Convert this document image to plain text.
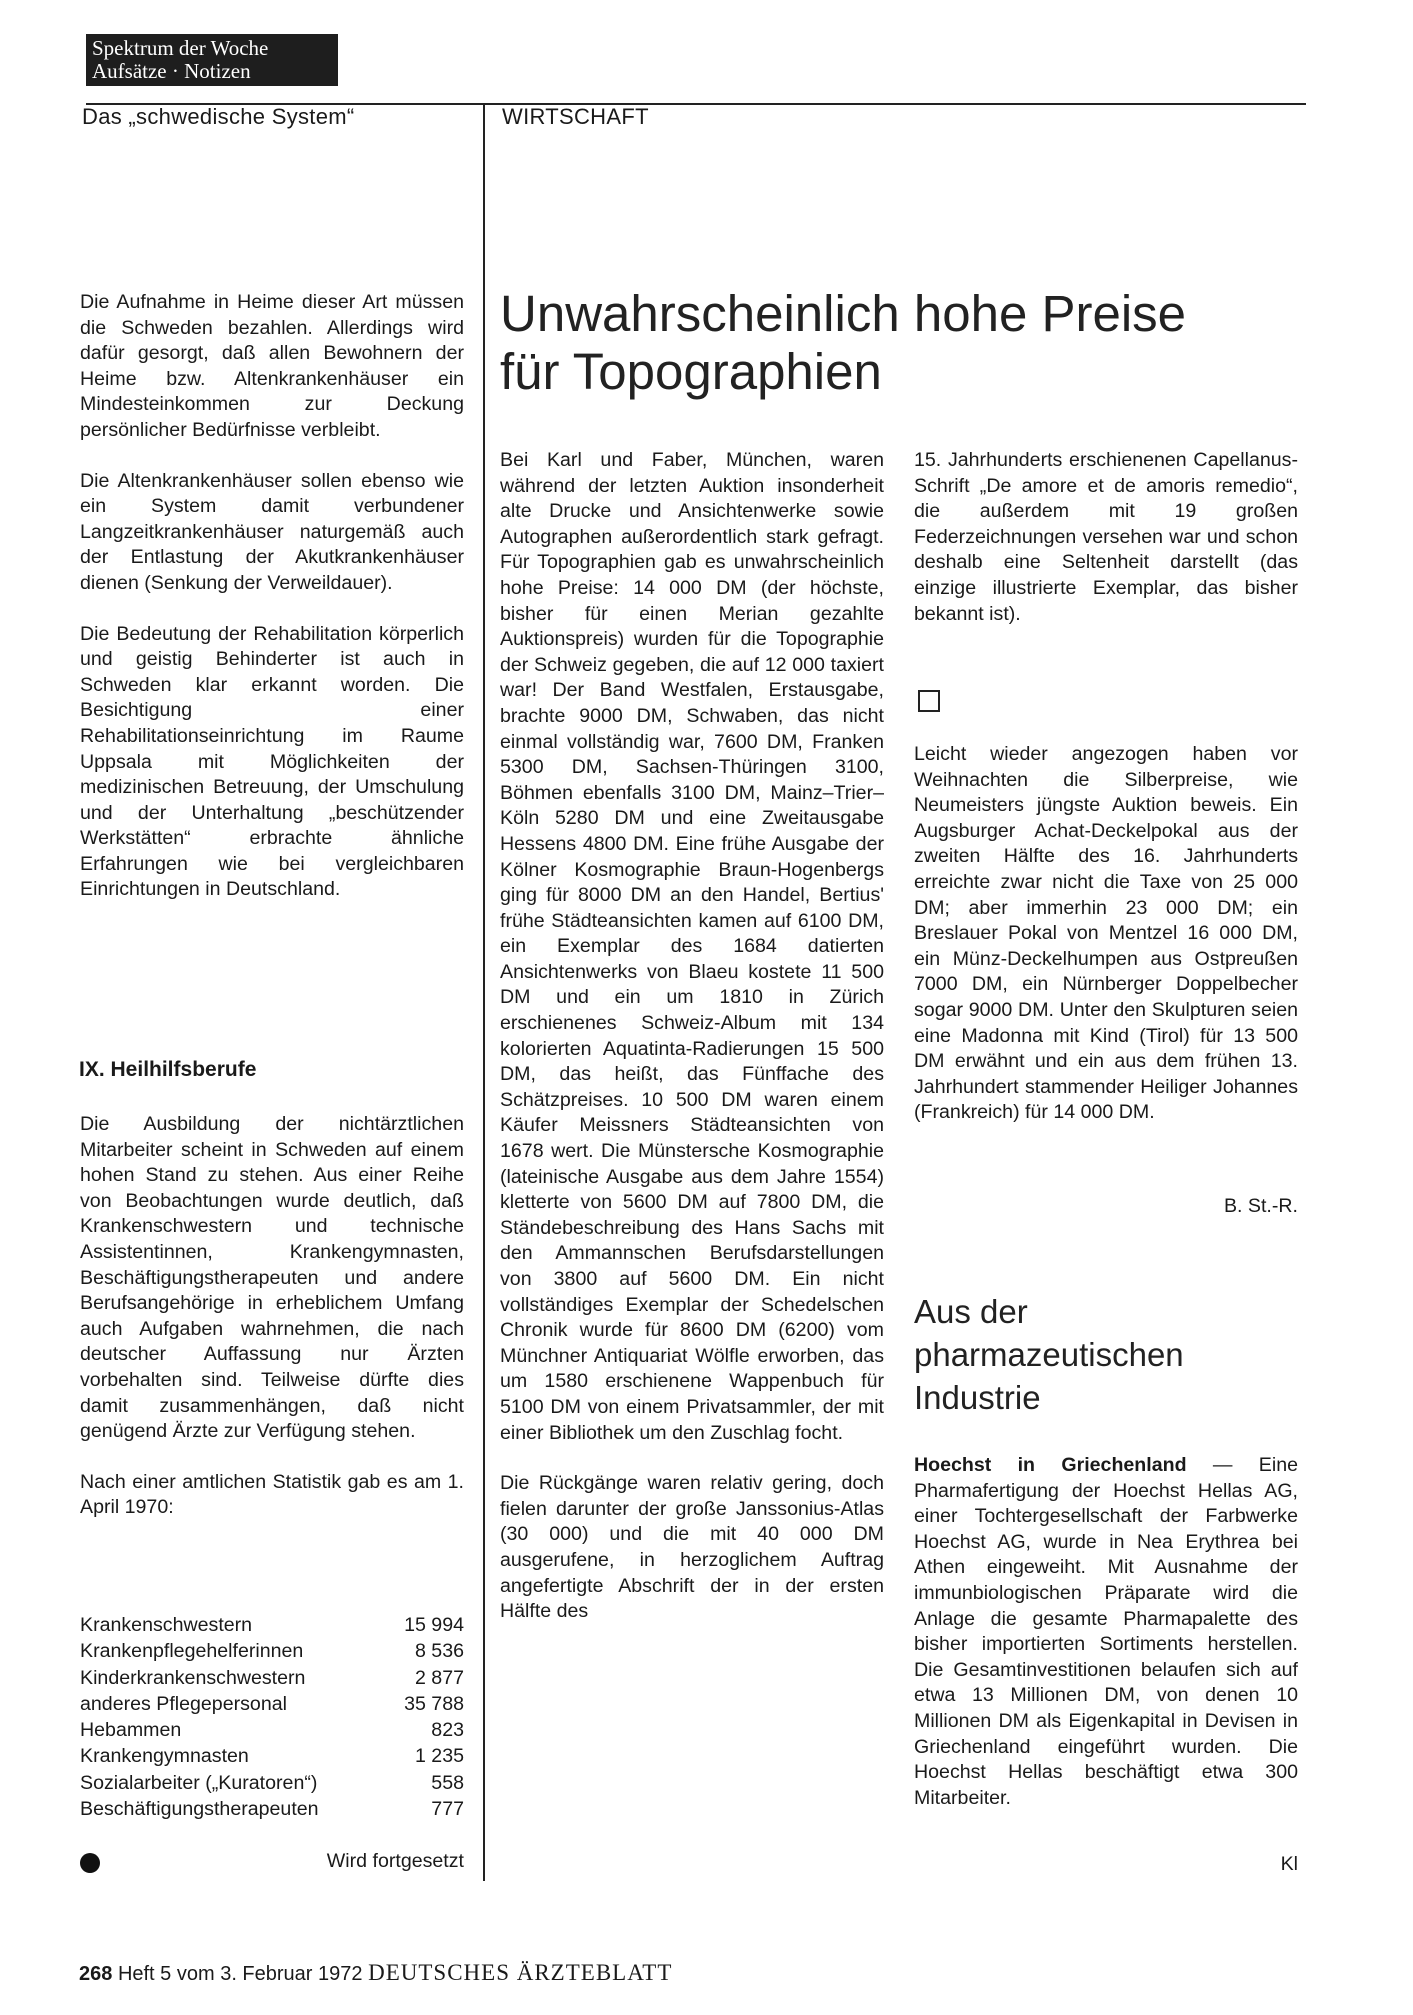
Spektrum der Woche
Aufsätze · Notizen
Das „schwedische System“	WIRTSCHAFT

Die Aufnahme in Heime dieser Art müssen die Schweden bezahlen. Allerdings wird dafür gesorgt, daß allen Bewohnern der Heime bzw. Altenkrankenhäuser ein Mindesteinkommen zur Deckung persönlicher Bedürfnisse verbleibt.

Die Altenkrankenhäuser sollen ebenso wie ein System damit verbundener Langzeitkrankenhäuser naturgemäß auch der Entlastung der Akutkrankenhäuser dienen (Senkung der Verweildauer).

Die Bedeutung der Rehabilitation körperlich und geistig Behinderter ist auch in Schweden klar erkannt worden. Die Besichtigung einer Rehabilitationseinrichtung im Raume Uppsala mit Möglichkeiten der medizinischen Betreuung, der Umschulung und der Unterhaltung „beschützender Werkstätten“ erbrachte ähnliche Erfahrungen wie bei vergleichbaren Einrichtungen in Deutschland.

IX. Heilhilfsberufe

Die Ausbildung der nichtärztlichen Mitarbeiter scheint in Schweden auf einem hohen Stand zu stehen. Aus einer Reihe von Beobachtungen wurde deutlich, daß Krankenschwestern und technische Assistentinnen, Krankengymnasten, Beschäftigungstherapeuten und andere Berufsangehörige in erheblichem Umfang auch Aufgaben wahrnehmen, die nach deutscher Auffassung nur Ärzten vorbehalten sind. Teilweise dürfte dies damit zusammenhängen, daß nicht genügend Ärzte zur Verfügung stehen.

Nach einer amtlichen Statistik gab es am 1. April 1970:

Krankenschwestern	15 994
Krankenpflegehelferinnen	8 536
Kinderkrankenschwestern	2 877
anderes Pflegepersonal	35 788
Hebammen	823
Krankengymnasten	1 235
Sozialarbeiter („Kuratoren“)	558
Beschäftigungstherapeuten	777
Wird fortgesetzt
Unwahrscheinlich hohe Preise
für Topographien

Bei Karl und Faber, München, waren während der letzten Auktion insonderheit alte Drucke und Ansichtenwerke sowie Autographen außerordentlich stark gefragt. Für Topographien gab es unwahrscheinlich hohe Preise: 14 000 DM (der höchste, bisher für einen Merian gezahlte Auktionspreis) wurden für die Topographie der Schweiz gegeben, die auf 12 000 taxiert war! Der Band Westfalen, Erstausgabe, brachte 9000 DM, Schwaben, das nicht einmal vollständig war, 7600 DM, Franken 5300 DM, Sachsen-Thüringen 3100, Böhmen ebenfalls 3100 DM, Mainz–Trier–Köln 5280 DM und eine Zweitausgabe Hessens 4800 DM. Eine frühe Ausgabe der Kölner Kosmographie Braun-Hogenbergs ging für 8000 DM an den Handel, Bertius' frühe Städteansichten kamen auf 6100 DM, ein Exemplar des 1684 datierten Ansichtenwerks von Blaeu kostete 11 500 DM und ein um 1810 in Zürich erschienenes Schweiz-Album mit 134 kolorierten Aquatinta-Radierungen 15 500 DM, das heißt, das Fünffache des Schätzpreises. 10 500 DM waren einem Käufer Meissners Städteansichten von 1678 wert. Die Münstersche Kosmographie (lateinische Ausgabe aus dem Jahre 1554) kletterte von 5600 DM auf 7800 DM, die Ständebeschreibung des Hans Sachs mit den Ammannschen Berufsdarstellungen von 3800 auf 5600 DM. Ein nicht vollständiges Exemplar der Schedelschen Chronik wurde für 8600 DM (6200) vom Münchner Antiquariat Wölfle erworben, das um 1580 erschienene Wappenbuch für 5100 DM von einem Privatsammler, der mit einer Bibliothek um den Zuschlag focht.

Die Rückgänge waren relativ gering, doch fielen darunter der große Janssonius-Atlas (30 000) und die mit 40 000 DM ausgerufene, in herzoglichem Auftrag angefertigte Abschrift der in der ersten Hälfte des

15. Jahrhunderts erschienenen Capellanus-Schrift „De amore et de amoris remedio“, die außerdem mit 19 großen Federzeichnungen versehen war und schon deshalb eine Seltenheit darstellt (das einzige illustrierte Exemplar, das bisher bekannt ist).

Leicht wieder angezogen haben vor Weihnachten die Silberpreise, wie Neumeisters jüngste Auktion beweis. Ein Augsburger Achat-Deckelpokal aus der zweiten Hälfte des 16. Jahrhunderts erreichte zwar nicht die Taxe von 25 000 DM; aber immerhin 23 000 DM; ein Breslauer Pokal von Mentzel 16 000 DM, ein Münz-Deckelhumpen aus Ostpreußen 7000 DM, ein Nürnberger Doppelbecher sogar 9000 DM. Unter den Skulpturen seien eine Madonna mit Kind (Tirol) für 13 500 DM erwähnt und ein aus dem frühen 13. Jahrhundert stammender Heiliger Johannes (Frankreich) für 14 000 DM.

B. St.-R.
Aus der pharmazeutischen Industrie
Hoechst in Griechenland — Eine Pharmafertigung der Hoechst Hellas AG, einer Tochtergesellschaft der Farbwerke Hoechst AG, wurde in Nea Erythrea bei Athen eingeweiht. Mit Ausnahme der immunbiologischen Präparate wird die Anlage die gesamte Pharmapalette des bisher importierten Sortiments herstellen. Die Gesamtinvestitionen belaufen sich auf etwa 13 Millionen DM, von denen 10 Millionen DM als Eigenkapital in Devisen in Griechenland eingeführt wurden. Die Hoechst Hellas beschäftigt etwa 300 Mitarbeiter.
Kl
268 Heft 5 vom 3. Februar 1972 DEUTSCHES ÄRZTEBLATT
